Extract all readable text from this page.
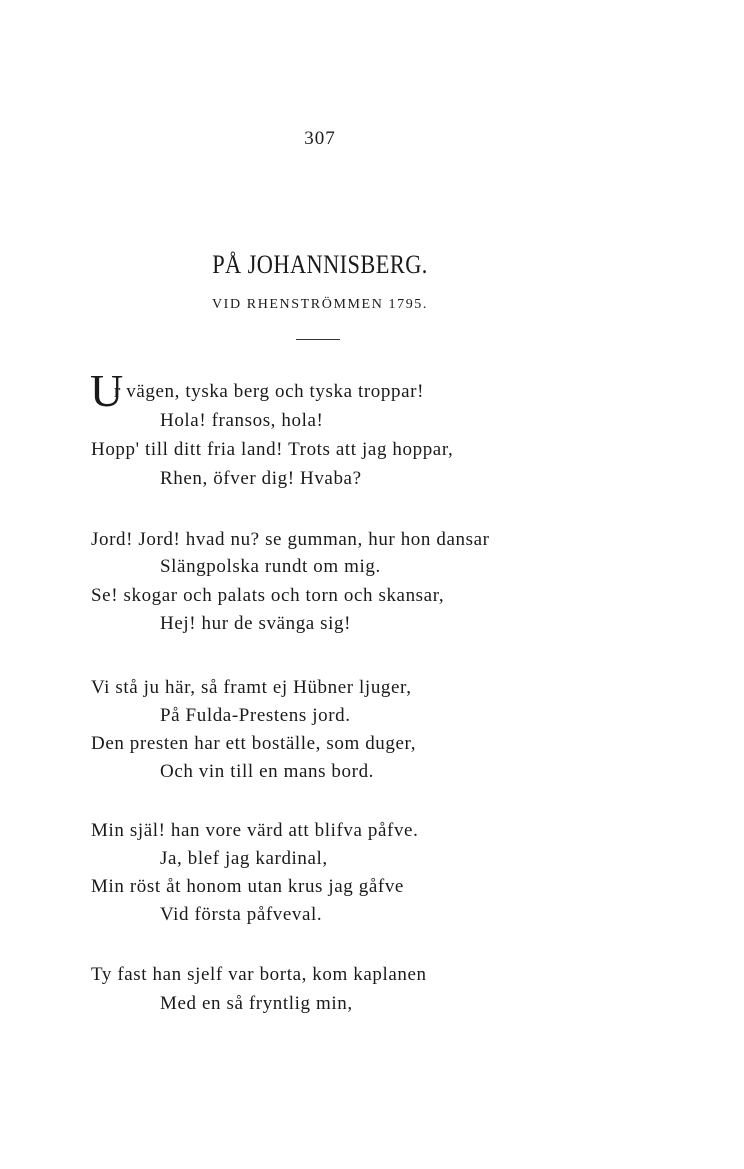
307
PÅ JOHANNISBERG.
VID RHENSTRÖMMEN 1795.
U
r vägen, tyska berg och tyska troppar!
Hola! fransos, hola!
Hopp' till ditt fria land! Trots att jag hoppar,
Rhen, öfver dig! Hvaba?
Jord! Jord! hvad nu? se gumman, hur hon dansar
Slängpolska rundt om mig.
Se! skogar och palats och torn och skansar,
Hej! hur de svänga sig!
Vi stå ju här, så framt ej Hübner ljuger,
På Fulda-Prestens jord.
Den presten har ett boställe, som duger,
Och vin till en mans bord.
Min själ! han vore värd att blifva påfve.
Ja, blef jag kardinal,
Min röst åt honom utan krus jag gåfve
Vid första påfveval.
Ty fast han sjelf var borta, kom kaplanen
Med en så fryntlig min,
